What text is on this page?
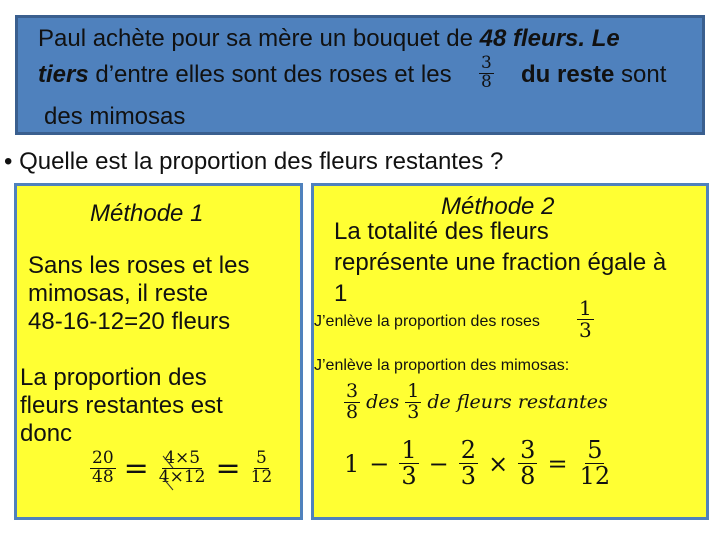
Paul achète pour sa mère un bouquet de 48 fleurs. Le
tiers d’entre elles sont des roses et les $\frac{3}{8}$ du reste sont
des mimosas
• Quelle est la proportion des fleurs restantes ?
Méthode 1
Sans les roses et les
mimosas, il reste
48-16-12=20 fleurs
La proportion des
fleurs restantes est
donc
$\frac{20}{48} = \frac{4\times 5}{4\times 12} = \frac{5}{12}$
Méthode 2
La totalité des fleurs
représente une fraction égale à
1
J’enlève la proportion des roses $\frac{1}{3}$
J’enlève la proportion des mimosas:
$\frac{3}{8}$ des $\frac{1}{3}$ de fleurs restantes
$1 - \frac{1}{3} - \frac{2}{3} \times \frac{3}{8} = \frac{5}{12}$
